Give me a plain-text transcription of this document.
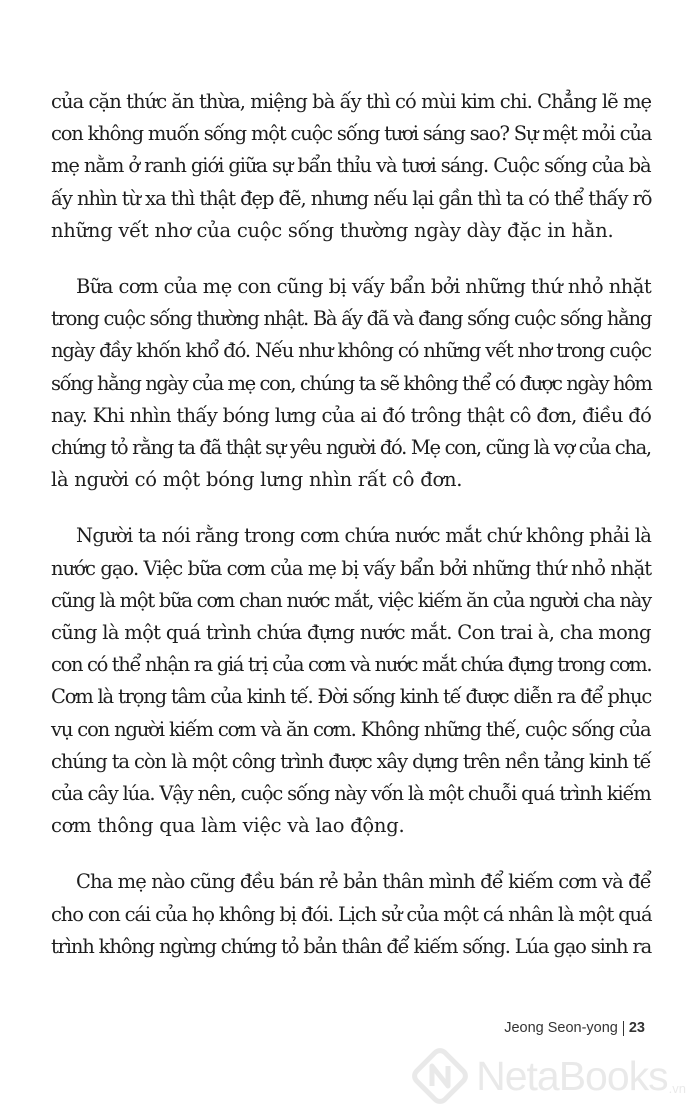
của cặn thức ăn thừa, miệng bà ấy thì có mùi kim chi. Chẳng lẽ mẹ
con không muốn sống một cuộc sống tươi sáng sao? Sự mệt mỏi của
mẹ nằm ở ranh giới giữa sự bẩn thỉu và tươi sáng. Cuộc sống của bà
ấy nhìn từ xa thì thật đẹp đẽ, nhưng nếu lại gần thì ta có thể thấy rõ
những vết nhơ của cuộc sống thường ngày dày đặc in hằn.
Bữa cơm của mẹ con cũng bị vấy bẩn bởi những thứ nhỏ nhặt
trong cuộc sống thường nhật. Bà ấy đã và đang sống cuộc sống hằng
ngày đầy khốn khổ đó. Nếu như không có những vết nhơ trong cuộc
sống hằng ngày của mẹ con, chúng ta sẽ không thể có được ngày hôm
nay. Khi nhìn thấy bóng lưng của ai đó trông thật cô đơn, điều đó
chứng tỏ rằng ta đã thật sự yêu người đó. Mẹ con, cũng là vợ của cha,
là người có một bóng lưng nhìn rất cô đơn.
Người ta nói rằng trong cơm chứa nước mắt chứ không phải là
nước gạo. Việc bữa cơm của mẹ bị vấy bẩn bởi những thứ nhỏ nhặt
cũng là một bữa cơm chan nước mắt, việc kiếm ăn của người cha này
cũng là một quá trình chứa đựng nước mắt. Con trai à, cha mong
con có thể nhận ra giá trị của cơm và nước mắt chứa đựng trong cơm.
Cơm là trọng tâm của kinh tế. Đời sống kinh tế được diễn ra để phục
vụ con người kiếm cơm và ăn cơm. Không những thế, cuộc sống của
chúng ta còn là một công trình được xây dựng trên nền tảng kinh tế
của cây lúa. Vậy nên, cuộc sống này vốn là một chuỗi quá trình kiếm
cơm thông qua làm việc và lao động.
Cha mẹ nào cũng đều bán rẻ bản thân mình để kiếm cơm và để
cho con cái của họ không bị đói. Lịch sử của một cá nhân là một quá
trình không ngừng chứng tỏ bản thân để kiếm sống. Lúa gạo sinh ra
Jeong Seon-yong 23
NetaBooks .vn
